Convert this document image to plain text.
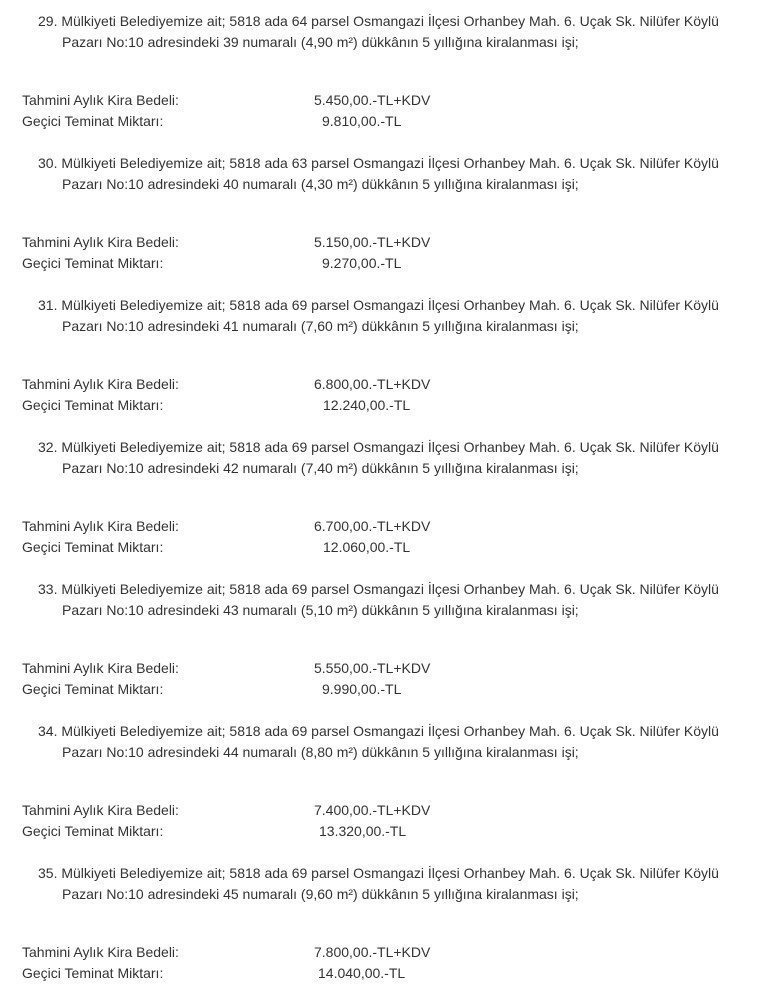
29. Mülkiyeti Belediyemize ait; 5818 ada 64 parsel Osmangazi İlçesi Orhanbey Mah. 6. Uçak Sk. Nilüfer Köylü
Pazarı No:10 adresindeki 39 numaralı (4,90 m²) dükkânın 5 yıllığına kiralanması işi;
Tahmini Aylık Kira Bedeli:	5.450,00.-TL+KDV
Geçici Teminat Miktarı:	9.810,00.-TL
30. Mülkiyeti Belediyemize ait; 5818 ada 63 parsel Osmangazi İlçesi Orhanbey Mah. 6. Uçak Sk. Nilüfer Köylü
Pazarı No:10 adresindeki 40 numaralı (4,30 m²) dükkânın 5 yıllığına kiralanması işi;
Tahmini Aylık Kira Bedeli:	5.150,00.-TL+KDV
Geçici Teminat Miktarı:	9.270,00.-TL
31. Mülkiyeti Belediyemize ait; 5818 ada 69 parsel Osmangazi İlçesi Orhanbey Mah. 6. Uçak Sk. Nilüfer Köylü
Pazarı No:10 adresindeki 41 numaralı (7,60 m²) dükkânın 5 yıllığına kiralanması işi;
Tahmini Aylık Kira Bedeli:	6.800,00.-TL+KDV
Geçici Teminat Miktarı:	12.240,00.-TL
32. Mülkiyeti Belediyemize ait; 5818 ada 69 parsel Osmangazi İlçesi Orhanbey Mah. 6. Uçak Sk. Nilüfer Köylü
Pazarı No:10 adresindeki 42 numaralı (7,40 m²) dükkânın 5 yıllığına kiralanması işi;
Tahmini Aylık Kira Bedeli:	6.700,00.-TL+KDV
Geçici Teminat Miktarı:	12.060,00.-TL
33. Mülkiyeti Belediyemize ait; 5818 ada 69 parsel Osmangazi İlçesi Orhanbey Mah. 6. Uçak Sk. Nilüfer Köylü
Pazarı No:10 adresindeki 43 numaralı (5,10 m²) dükkânın 5 yıllığına kiralanması işi;
Tahmini Aylık Kira Bedeli:	5.550,00.-TL+KDV
Geçici Teminat Miktarı:	9.990,00.-TL
34. Mülkiyeti Belediyemize ait; 5818 ada 69 parsel Osmangazi İlçesi Orhanbey Mah. 6. Uçak Sk. Nilüfer Köylü
Pazarı No:10 adresindeki 44 numaralı (8,80 m²) dükkânın 5 yıllığına kiralanması işi;
Tahmini Aylık Kira Bedeli:	7.400,00.-TL+KDV
Geçici Teminat Miktarı:	13.320,00.-TL
35. Mülkiyeti Belediyemize ait; 5818 ada 69 parsel Osmangazi İlçesi Orhanbey Mah. 6. Uçak Sk. Nilüfer Köylü
Pazarı No:10 adresindeki 45 numaralı (9,60 m²) dükkânın 5 yıllığına kiralanması işi;
Tahmini Aylık Kira Bedeli:	7.800,00.-TL+KDV
Geçici Teminat Miktarı:	14.040,00.-TL
